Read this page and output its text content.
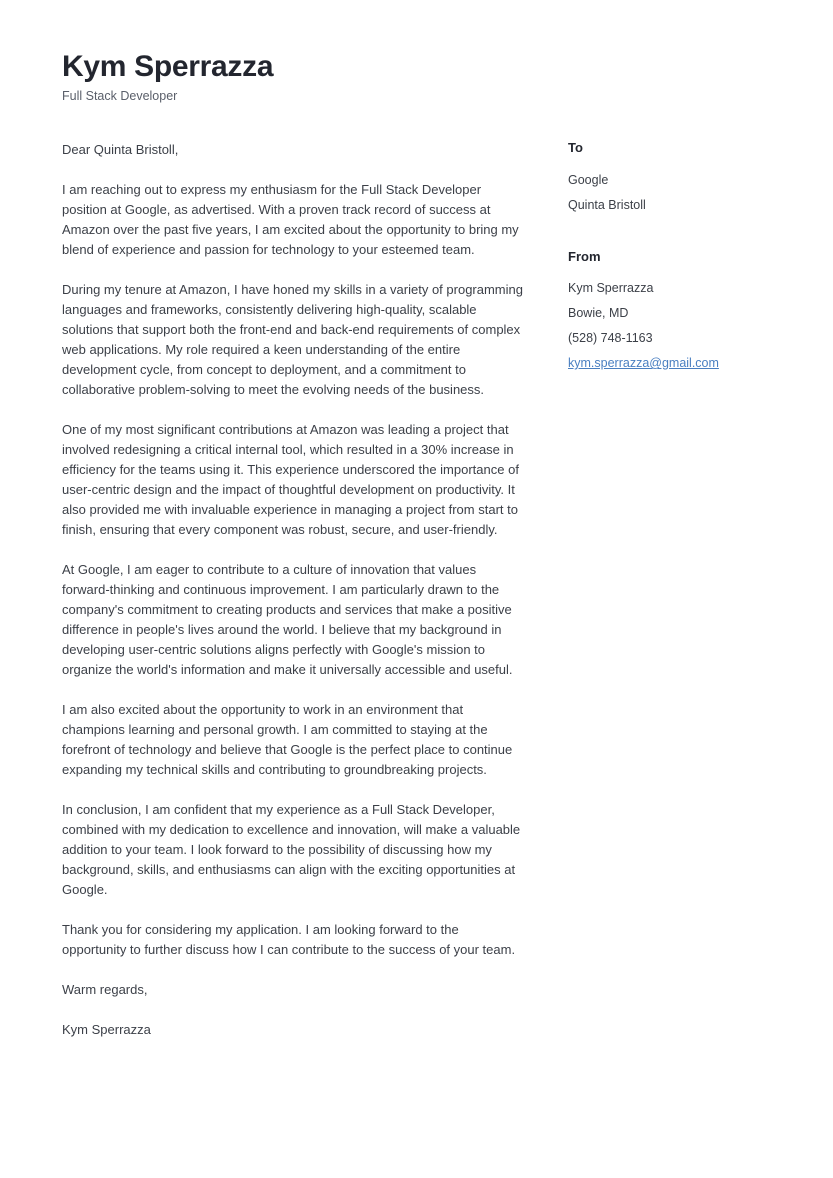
Kym Sperrazza
Full Stack Developer

Dear Quinta Bristoll,

I am reaching out to express my enthusiasm for the Full Stack Developer position at Google, as advertised. With a proven track record of success at Amazon over the past five years, I am excited about the opportunity to bring my blend of experience and passion for technology to your esteemed team.

During my tenure at Amazon, I have honed my skills in a variety of programming languages and frameworks, consistently delivering high-quality, scalable solutions that support both the front-end and back-end requirements of complex web applications. My role required a keen understanding of the entire development cycle, from concept to deployment, and a commitment to collaborative problem-solving to meet the evolving needs of the business.

One of my most significant contributions at Amazon was leading a project that involved redesigning a critical internal tool, which resulted in a 30% increase in efficiency for the teams using it. This experience underscored the importance of user-centric design and the impact of thoughtful development on productivity. It also provided me with invaluable experience in managing a project from start to finish, ensuring that every component was robust, secure, and user-friendly.

At Google, I am eager to contribute to a culture of innovation that values forward-thinking and continuous improvement. I am particularly drawn to the company's commitment to creating products and services that make a positive difference in people's lives around the world. I believe that my background in developing user-centric solutions aligns perfectly with Google's mission to organize the world's information and make it universally accessible and useful.

I am also excited about the opportunity to work in an environment that champions learning and personal growth. I am committed to staying at the forefront of technology and believe that Google is the perfect place to continue expanding my technical skills and contributing to groundbreaking projects.

In conclusion, I am confident that my experience as a Full Stack Developer, combined with my dedication to excellence and innovation, will make a valuable addition to your team. I look forward to the possibility of discussing how my background, skills, and enthusiasms can align with the exciting opportunities at Google.

Thank you for considering my application. I am looking forward to the opportunity to further discuss how I can contribute to the success of your team.

Warm regards,

Kym Sperrazza

To
Google
Quinta Bristoll
From
Kym Sperrazza
Bowie, MD
(528) 748-1163
kym.sperrazza@gmail.com
